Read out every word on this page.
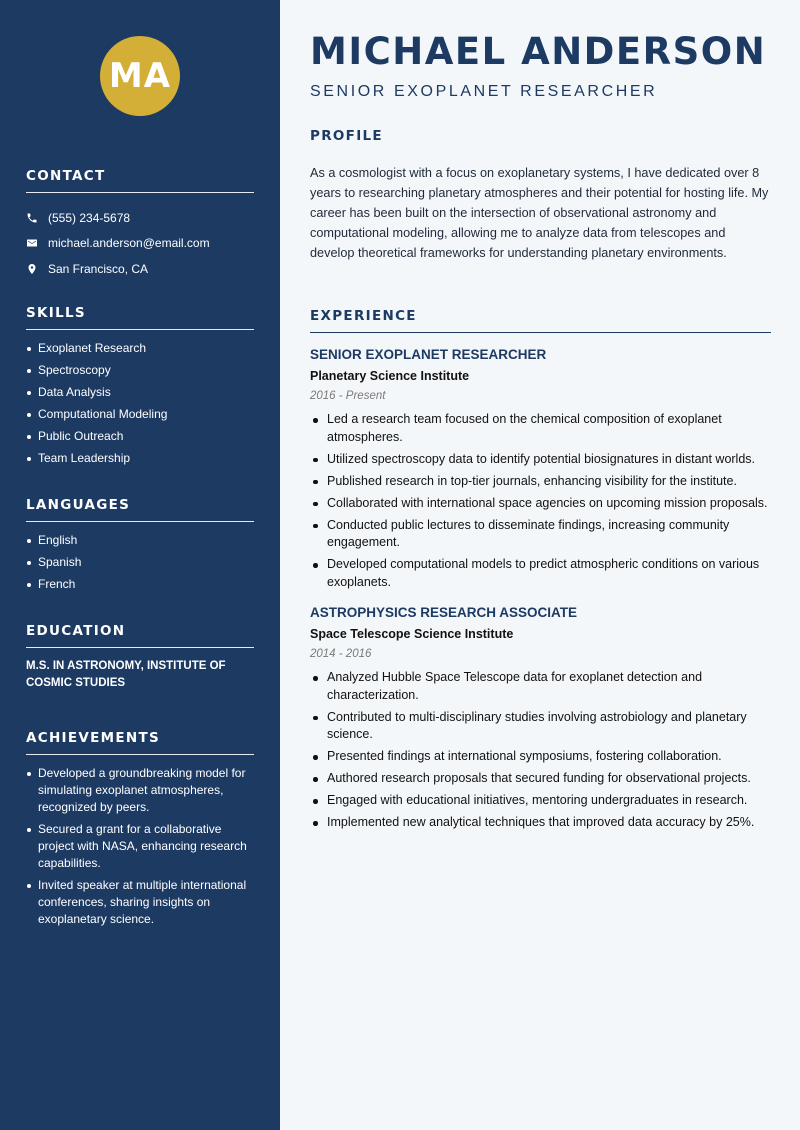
MA
CONTACT
(555) 234-5678
michael.anderson@email.com
San Francisco, CA
SKILLS
Exoplanet Research
Spectroscopy
Data Analysis
Computational Modeling
Public Outreach
Team Leadership
LANGUAGES
English
Spanish
French
EDUCATION

M.S. IN ASTRONOMY, INSTITUTE OF COSMIC STUDIES

ACHIEVEMENTS
Developed a groundbreaking model for simulating exoplanet atmospheres, recognized by peers.
Secured a grant for a collaborative project with NASA, enhancing research capabilities.
Invited speaker at multiple international conferences, sharing insights on exoplanetary science.
MICHAEL ANDERSON
SENIOR EXOPLANET RESEARCHER
PROFILE

As a cosmologist with a focus on exoplanetary systems, I have dedicated over 8 years to researching planetary atmospheres and their potential for hosting life. My career has been built on the intersection of observational astronomy and computational modeling, allowing me to analyze data from telescopes and develop theoretical frameworks for understanding planetary environments.

EXPERIENCE
SENIOR EXOPLANET RESEARCHER
Planetary Science Institute
2016 - Present
Led a research team focused on the chemical composition of exoplanet atmospheres.
Utilized spectroscopy data to identify potential biosignatures in distant worlds.
Published research in top-tier journals, enhancing visibility for the institute.
Collaborated with international space agencies on upcoming mission proposals.
Conducted public lectures to disseminate findings, increasing community engagement.
Developed computational models to predict atmospheric conditions on various exoplanets.
ASTROPHYSICS RESEARCH ASSOCIATE
Space Telescope Science Institute
2014 - 2016
Analyzed Hubble Space Telescope data for exoplanet detection and characterization.
Contributed to multi-disciplinary studies involving astrobiology and planetary science.
Presented findings at international symposiums, fostering collaboration.
Authored research proposals that secured funding for observational projects.
Engaged with educational initiatives, mentoring undergraduates in research.
Implemented new analytical techniques that improved data accuracy by 25%.
